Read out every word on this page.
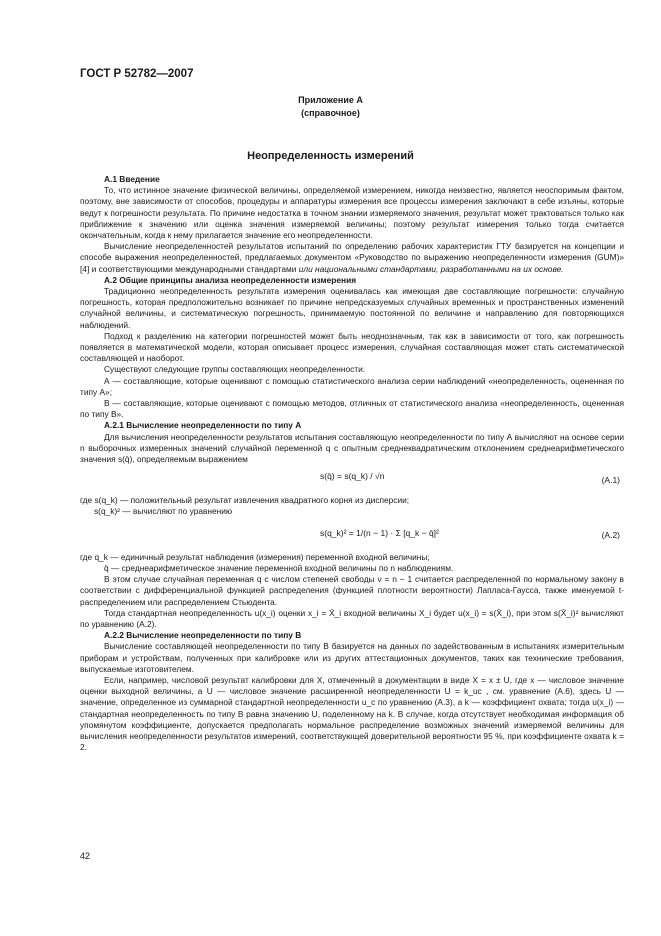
ГОСТ Р 52782—2007
Приложение А
(справочное)
Неопределенность измерений

А.1 Введение

То, что истинное значение физической величины, определяемой измерением, никогда неизвестно, является неоспоримым фактом, поэтому, вне зависимости от способов, процедуры и аппаратуры измерения все процессы измерения заключают в себе изъяны, которые ведут к погрешности результата. По причине недостатка в точном знании измеряемого значения, результат может трактоваться только как приближение к значению или оценка значения измеряемой величины; поэтому результат измерения только тогда считается окончательным, когда к нему прилагается значение его неопределенности.

Вычисление неопределенностей результатов испытаний по определению рабочих характеристик ГТУ базируется на концепции и способе выражения неопределенностей, предлагаемых документом «Руководство по выражению неопределенности измерения (GUM)» [4] и соответствующими международными стандартами или национальными стандартами, разработанными на их основе.

А.2 Общие принципы анализа неопределенности измерения

Традиционно неопределенность результата измерения оценивалась как имеющая две составляющие погрешности: случайную погрешность, которая предположительно возникает по причине непредсказуемых случайных временных и пространственных изменений случайной величины, и систематическую погрешность, принимаемую постоянной по величине и направлению для повторяющихся наблюдений.

Подход к разделению на категории погрешностей может быть неоднозначным, так как в зависимости от того, как погрешность появляется в математической модели, которая описывает процесс измерения, случайная составляющая может стать систематической составляющей и наоборот.

Существуют следующие группы составляющих неопределенности.

А — составляющие, которые оценивают с помощью статистического анализа серии наблюдений «неопределенность, оцененная по типу А»;

В — составляющие, которые оценивают с помощью методов, отличных от статистического анализа «неопределенность, оцененная по типу В».

А.2.1 Вычисление неопределенности по типу А

Для вычисления неопределенности результатов испытания составляющую неопределенности по типу А вычисляют на основе серии n выборочных измеренных значений случайной переменной q с опытным среднеквадратическим отклонением среднеарифметического значения s(q̄), определяемым выражением

s(q̄) = s(q_k) / √n	(А.1)

где s(q_k) — положительный результат извлечения квадратного корня из дисперсии;

s(q_k)² — вычисляют по уравнению

s(q_k)² = 1/(n − 1) · Σ [q_k − q̄]²	(А.2)

где q_k — единичный результат наблюдения (измерения) переменной входной величины;

q̄ — среднеарифметическое значение переменной входной величины по n наблюдениям.

В этом случае случайная переменная q с числом степеней свободы ν = n − 1 считается распределенной по нормальному закону в соответствии с дифференциальной функцией распределения (функцией плотности вероятности) Лапласа-Гаусса, также именуемой t-распределением или распределением Стьюдента.

Тогда стандартная неопределенность u(x_i) оценки x_i = X̄_i входной величины X_i будет u(x_i) = s(X̄_i), при этом s(X̄_i)² вычисляют по уравнению (А.2).

А.2.2 Вычисление неопределенности по типу В

Вычисление составляющей неопределенности по типу В базируется на данных по задействованным в испытаниях измерительным приборам и устройствам, полученных при калибровке или из других аттестационных документов, таких как технические требования, выпускаемые изготовителем.

Если, например, числовой результат калибровки для X, отмеченный в документации в виде X = x ± U, где x — числовое значение оценки выходной величины, а U — числовое значение расширенной неопределенности U = k_uc , см. уравнение (А.6), здесь U — значение, определенное из суммарной стандартной неопределенности u_c по уравнению (А.3), а k — коэффициент охвата; тогда u(x_i) — стандартная неопределенность по типу В равна значению U, поделенному на k. В случае, когда отсутствует необходимая информация об упомянутом коэффициенте, допускается предполагать нормальное распределение возможных значений измеряемой величины для вычисления неопределенности результатов измерений, соответствующей доверительной вероятности 95 %, при коэффициенте охвата k = 2.

42
